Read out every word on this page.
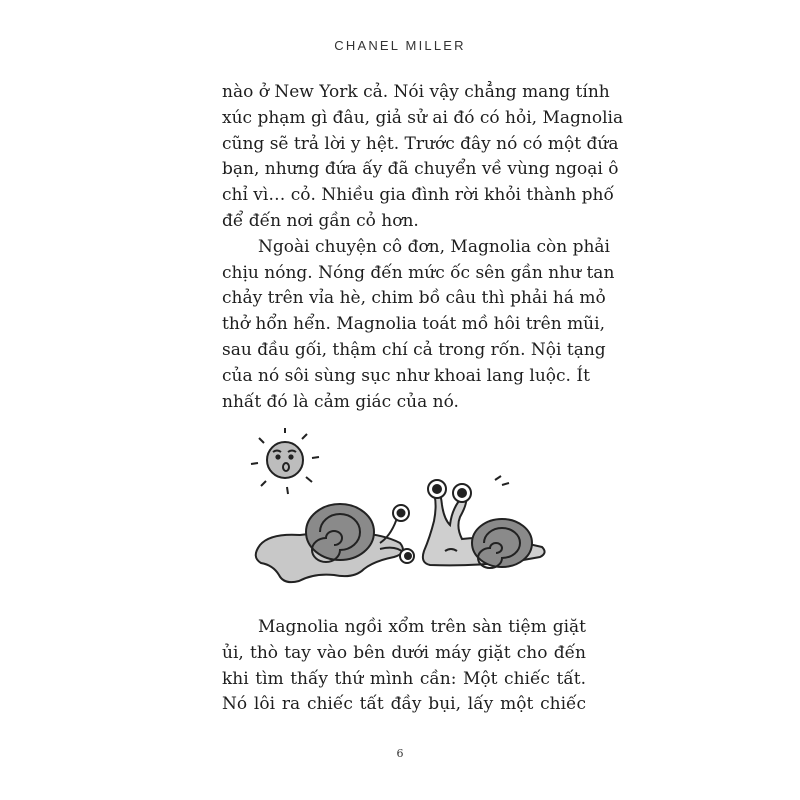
CHANEL MILLER
nào ở New York cả. Nói vậy chẳng mang tính
xúc phạm gì đâu, giả sử ai đó có hỏi, Magnolia
cũng sẽ trả lời y hệt. Trước đây nó có một đứa
bạn, nhưng đứa ấy đã chuyển về vùng ngoại ô
chỉ vì… cỏ. Nhiều gia đình rời khỏi thành phố
để đến nơi gần cỏ hơn.
Ngoài chuyện cô đơn, Magnolia còn phải
chịu nóng. Nóng đến mức ốc sên gần như tan
chảy trên vỉa hè, chim bồ câu thì phải há mỏ
thở hổn hển. Magnolia toát mồ hôi trên mũi,
sau đầu gối, thậm chí cả trong rốn. Nội tạng
của nó sôi sùng sục như khoai lang luộc. Ít
nhất đó là cảm giác của nó.
Magnolia ngồi xổm trên sàn tiệm giặt
ủi, thò tay vào bên dưới máy giặt cho đến
khi tìm thấy thứ mình cần: Một chiếc tất.
Nó lôi ra chiếc tất đầy bụi, lấy một chiếc
6
